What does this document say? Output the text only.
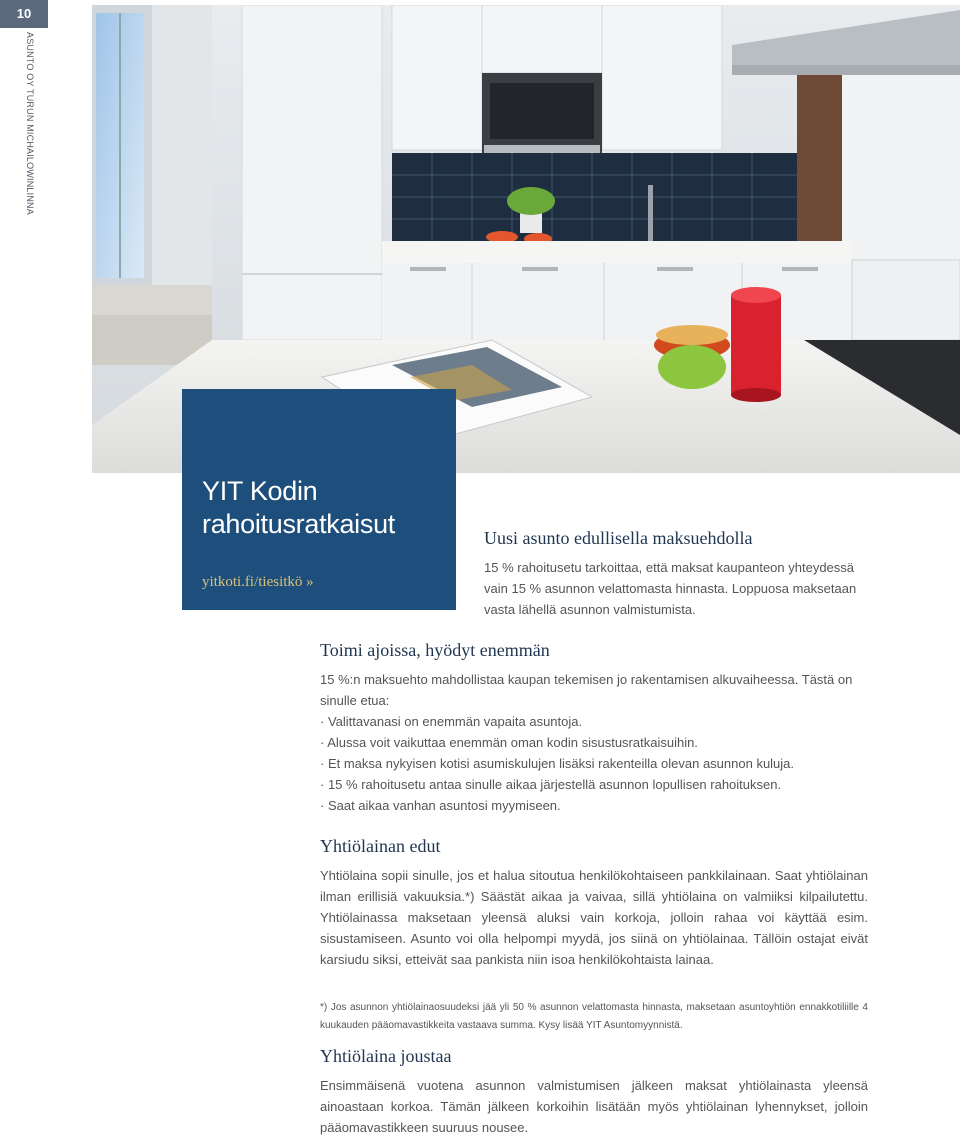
10
ASUNTO OY TURUN MICHAILOWINLINNA
YIT Kodin
rahoitusratkaisut
yitkoti.fi/tiesitkö »
Uusi asunto edullisella maksuehdolla

15 % rahoitusetu tarkoittaa, että maksat kaupanteon yhteydessä vain 15 % asunnon velattomasta hinnasta. Loppuosa maksetaan vasta lähellä asunnon valmistumista.

Toimi ajoissa, hyödyt enemmän

15 %:n maksuehto mahdollistaa kaupan tekemisen jo rakentamisen alkuvaiheessa. Tästä on sinulle etua:

· Valittavanasi on enemmän vapaita asuntoja.
· Alussa voit vaikuttaa enemmän oman kodin sisustusratkaisuihin.
· Et maksa nykyisen kotisi asumiskulujen lisäksi rakenteilla olevan asunnon kuluja.
· 15 % rahoitusetu antaa sinulle aikaa järjestellä asunnon lopullisen rahoituksen.
· Saat aikaa vanhan asuntosi myymiseen.
Yhtiölainan edut

Yhtiölaina sopii sinulle, jos et halua sitoutua henkilökohtaiseen pankkilainaan. Saat yhtiölainan ilman erillisiä vakuuksia.*) Säästät aikaa ja vaivaa, sillä yhtiölaina on valmiiksi kilpailutettu. Yhtiölainassa maksetaan yleensä aluksi vain korkoja, jolloin rahaa voi käyttää esim. sisustamiseen. Asunto voi olla helpompi myydä, jos siinä on yhtiölainaa. Tällöin ostajat eivät karsiudu siksi, etteivät saa pankista niin isoa henkilökohtaista lainaa.

*) Jos asunnon yhtiölainaosuudeksi jää yli 50 % asunnon velattomasta hinnasta, maksetaan asuntoyhtiön ennakkotiliille 4 kuukauden pääomavastikkeita vastaava summa. Kysy lisää YIT Asuntomyynnistä.

Yhtiölaina joustaa

Ensimmäisenä vuotena asunnon valmistumisen jälkeen maksat yhtiölainasta yleensä ainoastaan korkoa. Tämän jälkeen korkoihin lisätään myös yhtiölainan lyhennykset, jolloin pääomavastikkeen suuruus nousee.
